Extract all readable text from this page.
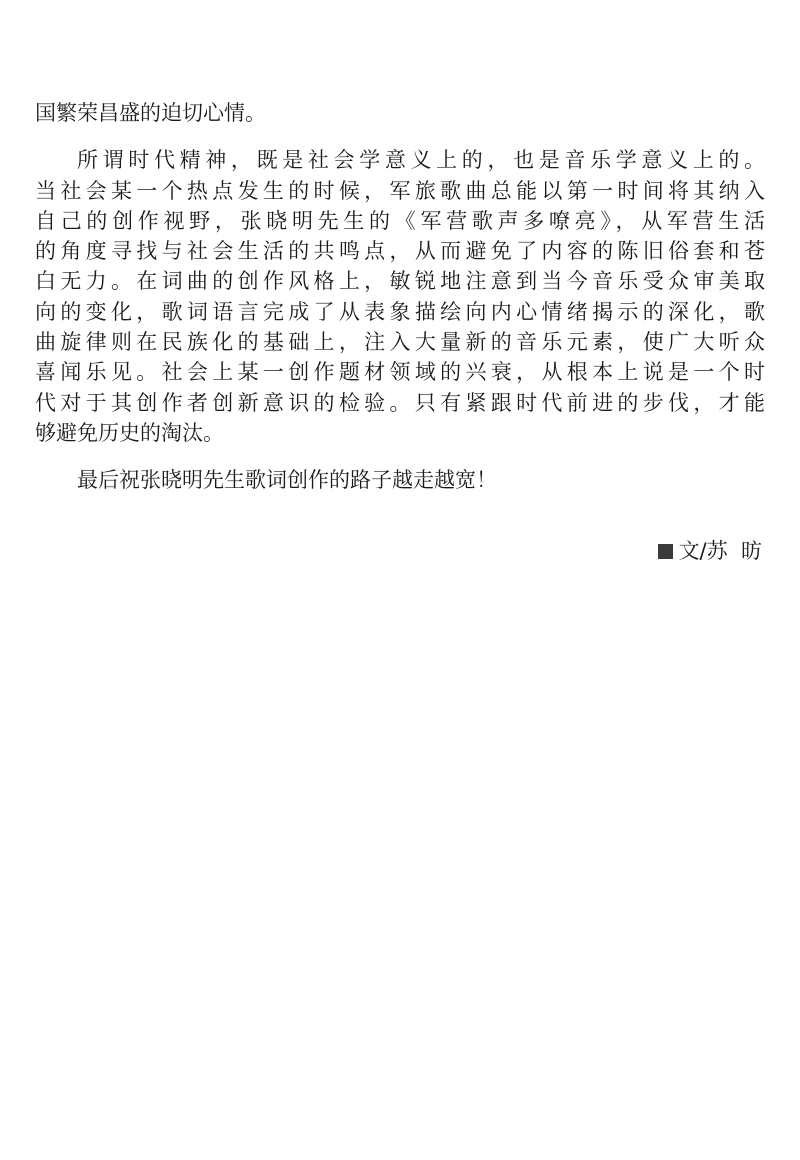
国繁荣昌盛的迫切心情。
所谓时代精神，既是社会学意义上的，也是音乐学意义上的。
当社会某一个热点发生的时候，军旅歌曲总能以第一时间将其纳入
自己的创作视野，张晓明先生的《军营歌声多嘹亮》，从军营生活
的角度寻找与社会生活的共鸣点，从而避免了内容的陈旧俗套和苍
白无力。在词曲的创作风格上，敏锐地注意到当今音乐受众审美取
向的变化，歌词语言完成了从表象描绘向内心情绪揭示的深化，歌
曲旋律则在民族化的基础上，注入大量新的音乐元素，使广大听众
喜闻乐见。社会上某一创作题材领域的兴衰，从根本上说是一个时
代对于其创作者创新意识的检验。只有紧跟时代前进的步伐，才能
够避免历史的淘汰。
最后祝张晓明先生歌词创作的路子越走越宽！
文/苏  昉
